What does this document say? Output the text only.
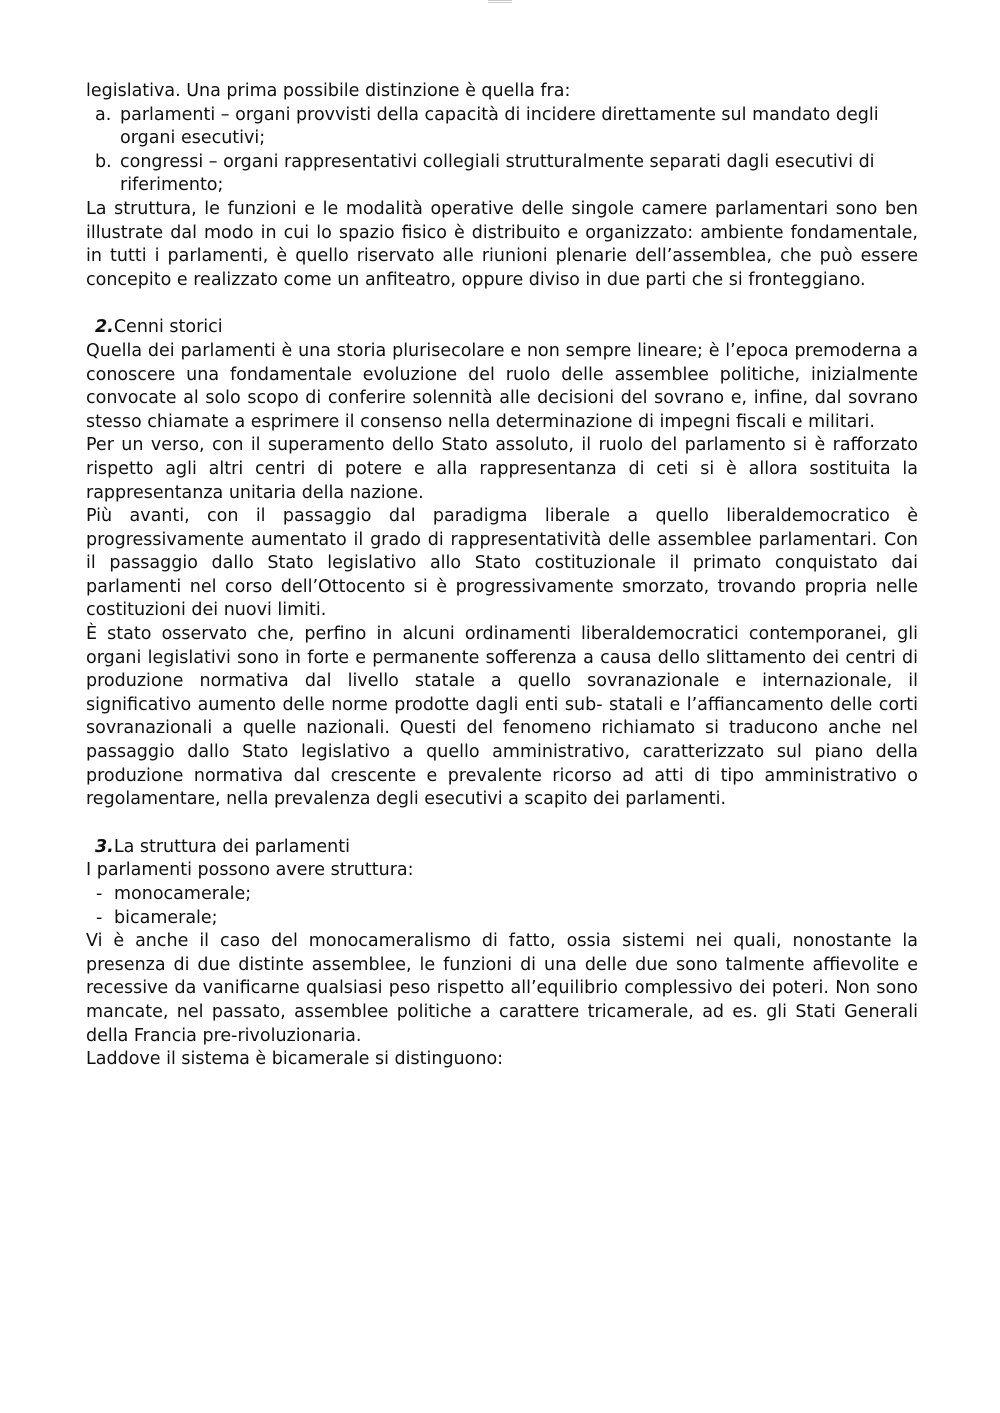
legislativa. Una prima possibile distinzione è quella fra:

a. parlamenti – organi provvisti della capacità di incidere direttamente sul mandato degli organi esecutivi;
b. congressi – organi rappresentativi collegiali strutturalmente separati dagli esecutivi di riferimento;

La struttura, le funzioni e le modalità operative delle singole camere parlamentari sono ben illustrate dal modo in cui lo spazio fisico è distribuito e organizzato: ambiente fondamentale, in tutti i parlamenti, è quello riservato alle riunioni plenarie dell’assemblea, che può essere concepito e realizzato come un anfiteatro, oppure diviso in due parti che si fronteggiano.

2.Cenni storici

Quella dei parlamenti è una storia plurisecolare e non sempre lineare; è l’epoca premoderna a conoscere una fondamentale evoluzione del ruolo delle assemblee politiche, inizialmente convocate al solo scopo di conferire solennità alle decisioni del sovrano e, infine, dal sovrano stesso chiamate a esprimere il consenso nella determinazione di impegni fiscali e militari.

Per un verso, con il superamento dello Stato assoluto, il ruolo del parlamento si è rafforzato rispetto agli altri centri di potere e alla rappresentanza di ceti si è allora sostituita la rappresentanza unitaria della nazione.

Più avanti, con il passaggio dal paradigma liberale a quello liberaldemocratico è progressivamente aumentato il grado di rappresentatività delle assemblee parlamentari. Con il passaggio dallo Stato legislativo allo Stato costituzionale il primato conquistato dai parlamenti nel corso dell’Ottocento si è progressivamente smorzato, trovando propria nelle costituzioni dei nuovi limiti.

È stato osservato che, perfino in alcuni ordinamenti liberaldemocratici contemporanei, gli organi legislativi sono in forte e permanente sofferenza a causa dello slittamento dei centri di produzione normativa dal livello statale a quello sovranazionale e internazionale, il significativo aumento delle norme prodotte dagli enti sub- statali e l’affiancamento delle corti sovranazionali a quelle nazionali. Questi del fenomeno richiamato si traducono anche nel passaggio dallo Stato legislativo a quello amministrativo, caratterizzato sul piano della produzione normativa dal crescente e prevalente ricorso ad atti di tipo amministrativo o regolamentare, nella prevalenza degli esecutivi a scapito dei parlamenti.

3.La struttura dei parlamenti

I parlamenti possono avere struttura:

- monocamerale;
- bicamerale;

Vi è anche il caso del monocameralismo di fatto, ossia sistemi nei quali, nonostante la presenza di due distinte assemblee, le funzioni di una delle due sono talmente affievolite e recessive da vanificarne qualsiasi peso rispetto all’equilibrio complessivo dei poteri. Non sono mancate, nel passato, assemblee politiche a carattere tricamerale, ad es. gli Stati Generali della Francia pre-rivoluzionaria.

Laddove il sistema è bicamerale si distinguono:
